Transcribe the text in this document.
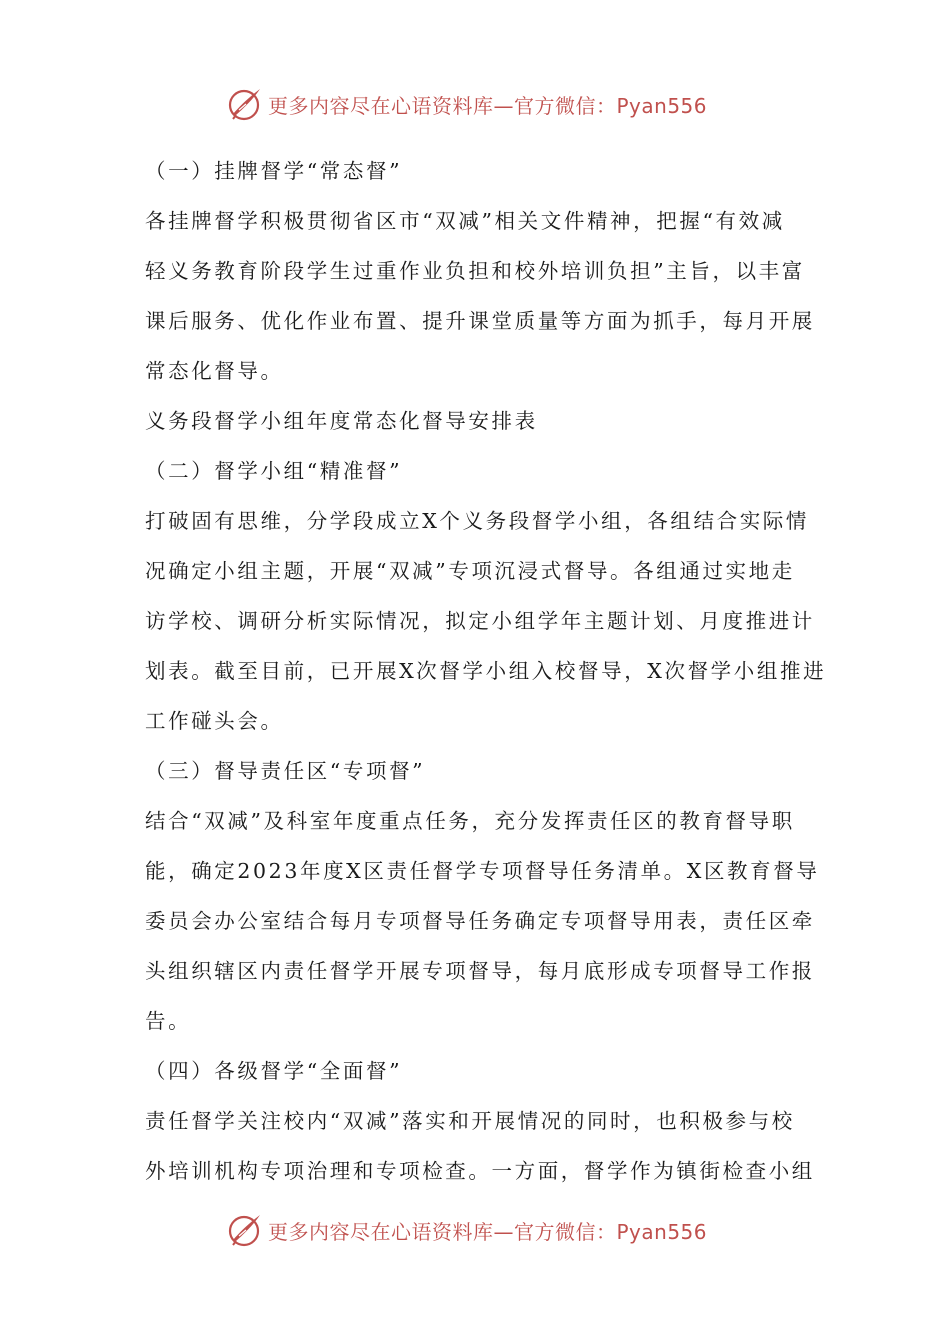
更多内容尽在心语资料库—官方微信：Pyan556
（一）挂牌督学“常态督”
各挂牌督学积极贯彻省区市“双减”相关文件精神，把握“有效减
轻义务教育阶段学生过重作业负担和校外培训负担”主旨，以丰富
课后服务、优化作业布置、提升课堂质量等方面为抓手，每月开展
常态化督导。
义务段督学小组年度常态化督导安排表
（二）督学小组“精准督”
打破固有思维，分学段成立X个义务段督学小组，各组结合实际情
况确定小组主题，开展“双减”专项沉浸式督导。各组通过实地走
访学校、调研分析实际情况，拟定小组学年主题计划、月度推进计
划表。截至目前，已开展X次督学小组入校督导，X次督学小组推进
工作碰头会。
（三）督导责任区“专项督”
结合“双减”及科室年度重点任务，充分发挥责任区的教育督导职
能，确定2023年度X区责任督学专项督导任务清单。X区教育督导
委员会办公室结合每月专项督导任务确定专项督导用表，责任区牵
头组织辖区内责任督学开展专项督导，每月底形成专项督导工作报
告。
（四）各级督学“全面督”
责任督学关注校内“双减”落实和开展情况的同时，也积极参与校
外培训机构专项治理和专项检查。一方面，督学作为镇街检查小组
更多内容尽在心语资料库—官方微信：Pyan556
